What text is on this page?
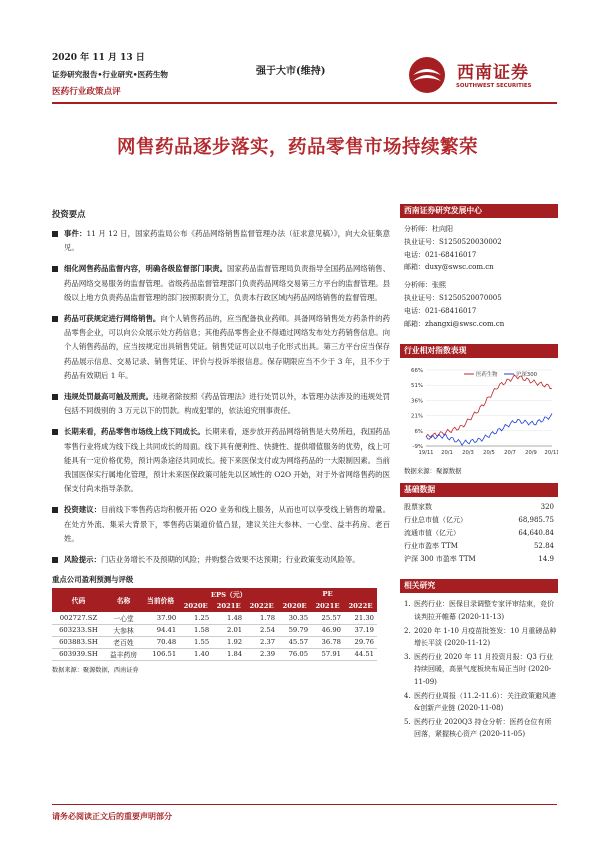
2020 年 11 月 13 日
证券研究报告•行业研究•医药生物
医药行业政策点评
强于大市(维持)	西南证券
SOUTHWEST SECURITIES
网售药品逐步落实，药品零售市场持续繁荣
投资要点
事件：11 月 12 日，国家药监局公布《药品网络销售监督管理办法（征求意见稿）》，向大众征集意见。
细化网售药品监督内容，明确各级监督部门职责。国家药品监督管理局负责指导全国药品网络销售、药品网络交易服务的监督管理。省级药品监督管理部门负责药品网络交易第三方平台的监督管理。县级以上地方负责药品监督管理的部门按照职责分工，负责本行政区域内药品网络销售的监督管理。
药品可获规定进行网络销售。向个人销售药品的，应当配备执业药师。具备网络销售处方药条件的药品零售企业，可以向公众展示处方药信息；其他药品零售企业不得通过网络发布处方药销售信息。向个人销售药品的，应当按规定出具销售凭证。销售凭证可以以电子化形式出具。第三方平台应当保存药品展示信息、交易记录、销售凭证、评价与投诉举报信息。保存期限应当不少于 3 年，且不少于药品有效期后 1 年。
违规处罚最高可触及刑责。违规者除按照《药品管理法》进行处罚以外，本管理办法涉及的违规处罚包括不同级别的 3 万元以下的罚款。构成犯罪的，依法追究刑事责任。
长期来看，药品零售市场线上线下同成长。长期来看，逐步放开药品网络销售是大势所趋，我国药品零售行业将成为线下线上共同成长的局面。线下具有便利性、快捷性、提供增值服务的优势，线上可能具有一定价格优势，预计两条途径共同成长。接下来医保支付或为网络药品的一大限制因素。当前我国医保实行属地化管理，预计未来医保政策可能先以区域性的 O2O 开始，对于外省网络售药的医保支付尚未指导条款。
投资建议：目前线下零售药店均积极开拓 O2O 业务和线上服务，从而也可以享受线上销售的增量。在处方外流、集采大背景下，零售药店渠道价值凸显，建议关注大参林、一心堂、益丰药房、老百姓。
风险提示：门店业务增长不及预期的风险；并购整合效果不达预期；行业政策变动风险等。
重点公司盈利预测与评级
代码	名称	当前价格	EPS（元）			PE		
			2020E	2021E	2022E	2020E	2021E	2022E
002727.SZ	一心堂	37.90	1.25	1.48	1.78	30.35	25.57	21.30
603233.SH	大参林	94.41	1.58	2.01	2.54	59.79	46.90	37.19
603883.SH	老百姓	70.48	1.55	1.92	2.37	45.57	36.78	29.76
603939.SH	益丰药房	106.51	1.40	1.84	2.39	76.05	57.91	44.51
数据来源：聚源数据，西南证券
西南证券研究发展中心
分析师：杜向阳
执业证号：S1250520030002
电话：021-68416017
邮箱：duxy@swsc.com.cn
分析师：张熙
执业证号：S1250520070005
电话：021-68416017
邮箱：zhangxi@swsc.com.cn
行业相对指数表现
66%
51%
36%
21%
6%
-9%
19/11 20/1 20/3 20/5 20/7 20/9 20/11
医药生物	沪深300
数据来源：聚源数据
基础数据
股票家数	320
行业总市值（亿元）	68,985.75
流通市值（亿元）	64,640.84
行业市盈率 TTM	52.84
沪深 300 市盈率 TTM	14.9
相关研究
1. 医药行业：医保目录调整专家评审结束，竞价谈判拉开帷幕 (2020-11-13)
2. 2020 年 1-10 月疫苗批签发：10 月重磅品种增长平淡 (2020-11-12)
3. 医药行业 2020 年 11 月投资月报：Q3 行业持续回暖，高景气度板块布局正当时 (2020-11-09)
4. 医药行业周报（11.2-11.6）：关注政策避风港&创新产业链 (2020-11-08)
5. 医药行业 2020Q3 持仓分析：医药仓位有所回落，紧握核心资产 (2020-11-05)
请务必阅读正文后的重要声明部分
